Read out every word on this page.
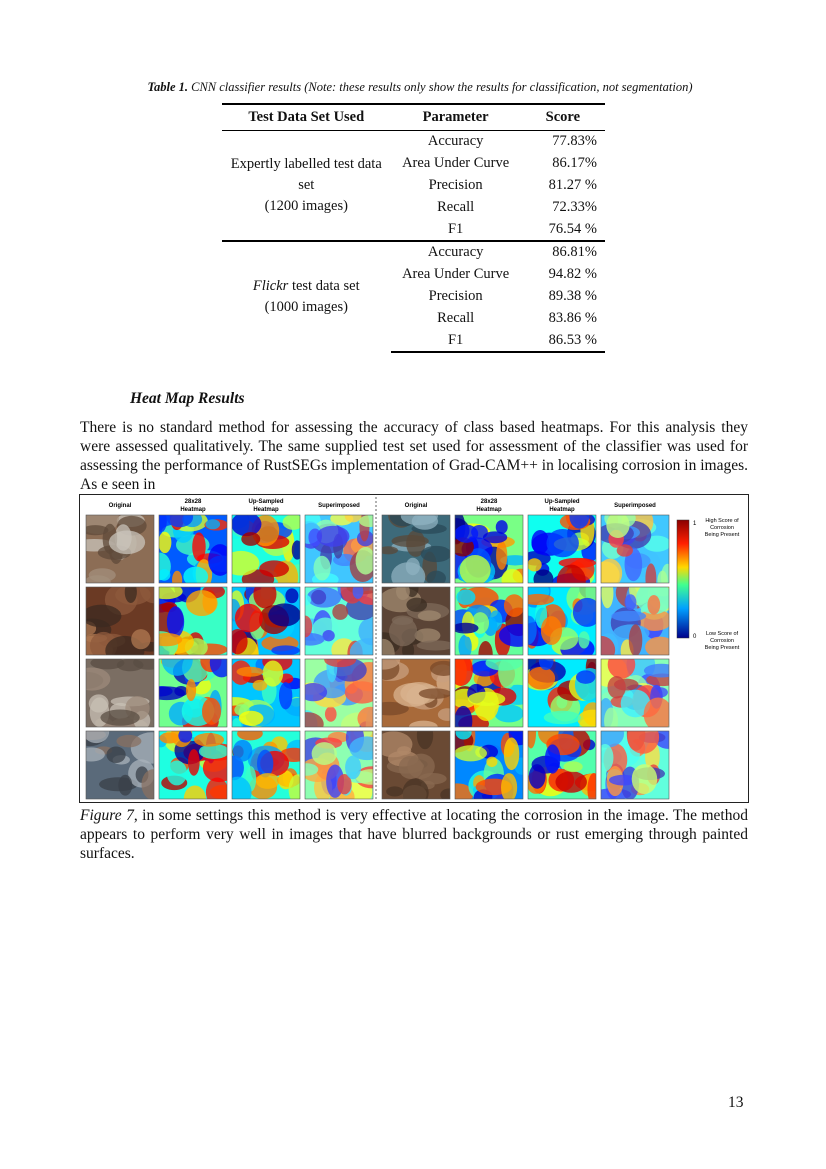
Table 1. CNN classifier results (Note: these results only show the results for classification, not segmentation)
Test Data Set Used	Parameter	Score

Expertly labelled test data
set
(1200 images)	Accuracy	77.83%
	Area Under Curve	86.17%
	Precision	81.27 %
	Recall	72.33%
	F1	76.54 %

Flickr test data set
(1000 images)	Accuracy	86.81%
	Area Under Curve	94.82 %
	Precision	89.38 %
	Recall	83.86 %
	F1	86.53 %
Heat Map Results
There is no standard method for assessing the accuracy of class based heatmaps. For this analysis they were assessed qualitatively. The same supplied test set used for assessment of the classifier was used for assessing the performance of RustSEGs implementation of Grad-CAM++ in localising corrosion in images. As e seen in
Original
28x28
Heatmap
Up-Sampled
Heatmap
Superimposed	Original
28x28
Heatmap
Up-Sampled
Heatmap
Superimposed
1
0
High Score of
Corrosion
Being Present
Low Score of
Corrosion
Being Present
Figure 7, in some settings this method is very effective at locating the corrosion in the image. The method appears to perform very well in images that have blurred backgrounds or rust emerging through painted surfaces.
13
